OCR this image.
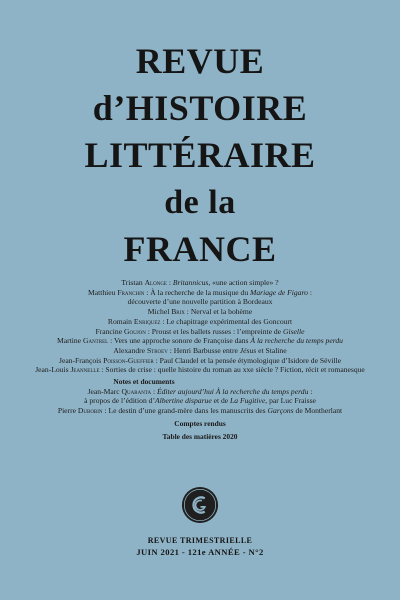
REVUE
d’HISTOIRE
LITTÉRAIRE
de la
FRANCE
Tristan Alonge : Britannicus, «une action simple» ?
Matthieu Franchin : À la recherche de la musique du Mariage de Figaro :
découverte d’une nouvelle partition à Bordeaux
Michel Brix : Nerval et la bohème
Romain Enriquez : Le chapitrage expérimental des Goncourt
Francine Goujon : Proust et les ballets russes : l’empreinte de Giselle
Martine Gantrel : Vers une approche sonore de Françoise dans À la recherche du temps perdu
Alexandre Stroev : Henri Barbusse entre Jésus et Staline
Jean-François Poisson-Gueffier : Paul Claudel et la pensée étymologique d’Isidore de Séville
Jean-Louis Jeannelle : Sorties de crise : quelle histoire du roman au xxe siècle ? Fiction, récit et romanesque
Notes et documents
Jean-Marc Quaranta : Éditer aujourd’hui À la recherche du temps perdu :
à propos de l’édition d’Albertine disparue et de La Fugitive, par Luc Fraisse
Pierre Dubobin : Le destin d’une grand-mère dans les manuscrits des Garçons de Montherlant
Comptes rendus
Table des matières 2020
REVUE TRIMESTRIELLE
JUIN 2021 - 121e ANNÉE - N°2
